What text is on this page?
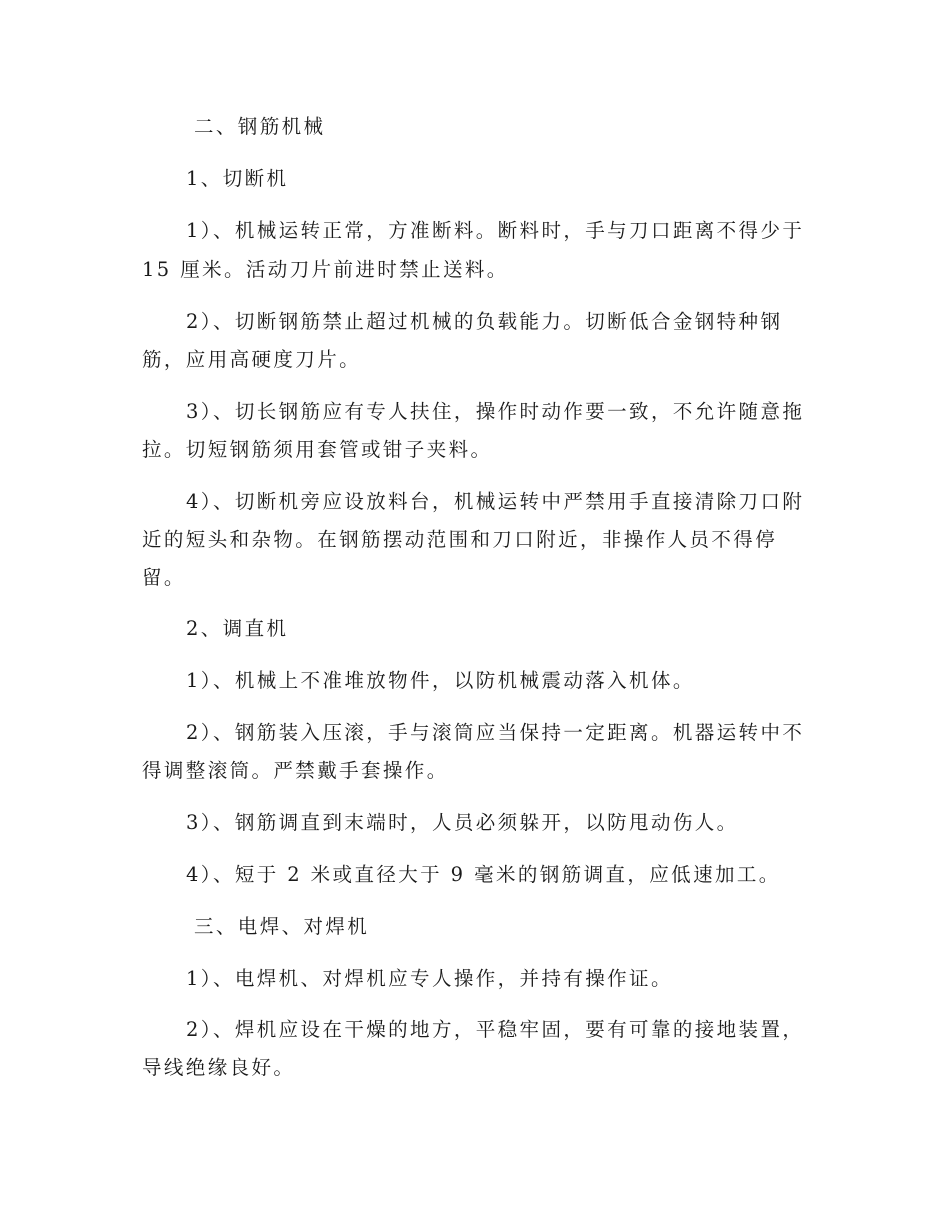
二、钢筋机械
1、切断机
1）、机械运转正常，方准断料。断料时，手与刀口距离不得少于
15 厘米。活动刀片前进时禁止送料。
2）、切断钢筋禁止超过机械的负载能力。切断低合金钢特种钢
筋，应用高硬度刀片。
3）、切长钢筋应有专人扶住，操作时动作要一致，不允许随意拖
拉。切短钢筋须用套管或钳子夹料。
4）、切断机旁应设放料台，机械运转中严禁用手直接清除刀口附
近的短头和杂物。在钢筋摆动范围和刀口附近，非操作人员不得停
留。
2、调直机
1）、机械上不准堆放物件，以防机械震动落入机体。
2）、钢筋装入压滚，手与滚筒应当保持一定距离。机器运转中不
得调整滚筒。严禁戴手套操作。
3）、钢筋调直到末端时，人员必须躲开，以防甩动伤人。
4）、短于 2 米或直径大于 9 毫米的钢筋调直，应低速加工。
三、电焊、对焊机
1）、电焊机、对焊机应专人操作，并持有操作证。
2）、焊机应设在干燥的地方，平稳牢固，要有可靠的接地装置，
导线绝缘良好。
